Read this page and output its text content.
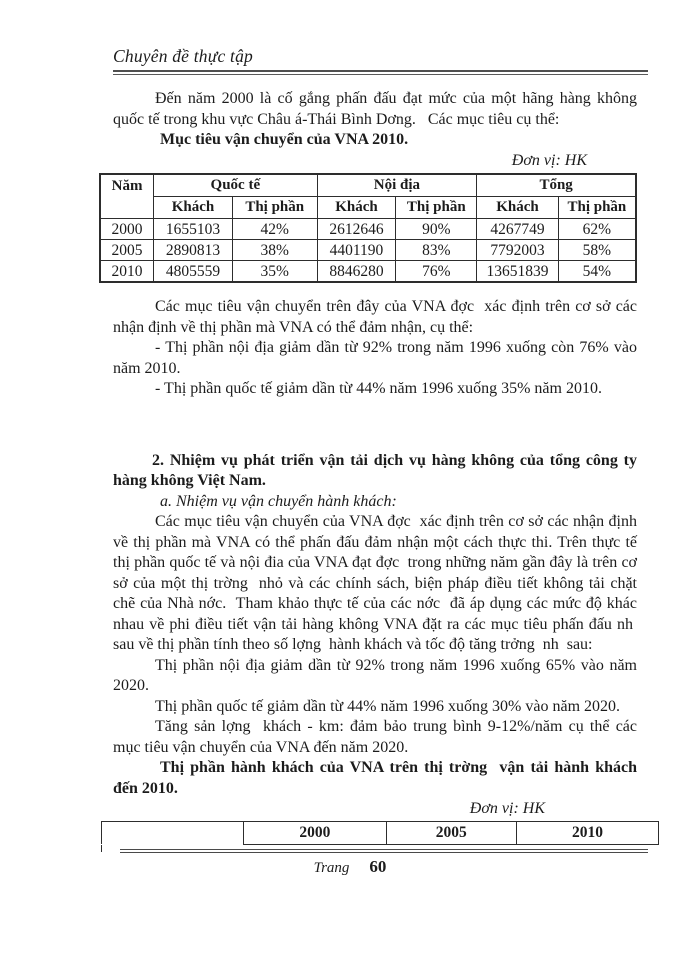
Chuyên đề thực tập

Đến năm 2000 là cố gắng phấn đấu đạt mức của một hãng hàng không quốc tế trong khu vực Châu á-Thái Bình Dơng.   Các mục tiêu cụ thể:

Mục tiêu vận chuyển của VNA 2010.

Đơn vị: HK

Năm	Quốc tế		Nội địa		Tổng	
	Khách	Thị phần	Khách	Thị phần	Khách	Thị phần
2000	1655103	42%	2612646	90%	4267749	62%
2005	2890813	38%	4401190	83%	7792003	58%
2010	4805559	35%	8846280	76%	13651839	54%

Các mục tiêu vận chuyển trên đây của VNA đợc  xác định trên cơ sở các nhận định về thị phần mà VNA có thể đảm nhận, cụ thể:

- Thị phần nội địa giảm dần từ 92% trong năm 1996 xuống còn 76% vào năm 2010.

- Thị phần quốc tế giảm dần từ 44% năm 1996 xuống 35% năm 2010.

2. Nhiệm vụ phát triển vận tải dịch vụ hàng không của tổng công ty hàng không Việt Nam.

a. Nhiệm vụ vận chuyển hành khách:

Các mục tiêu vận chuyển của VNA đợc  xác định trên cơ sở các nhận định về thị phần mà VNA có thể phấn đấu đảm nhận một cách thực thi. Trên thực tế thị phần quốc tế và nội đia của VNA đạt đợc  trong những năm gần đây là trên cơ sở của một thị trờng  nhỏ và các chính sách, biện pháp điều tiết không tải chặt chẽ của Nhà nớc.  Tham khảo thực tế của các nớc  đã áp dụng các mức độ khác nhau về phi điều tiết vận tải hàng không VNA đặt ra các mục tiêu phấn đấu nh  sau về thị phần tính theo số lợng  hành khách và tốc độ tăng trởng  nh  sau:

Thị phần nội địa giảm dần từ 92% trong năm 1996 xuống 65% vào năm 2020.

Thị phần quốc tế giảm dần từ 44% năm 1996 xuống 30% vào năm 2020.

Tăng sản lợng  khách - km: đảm bảo trung bình 9-12%/năm cụ thể các mục tiêu vận chuyển của VNA đến năm 2020.

Thị phần hành khách của VNA trên thị trờng  vận tải hành khách đến 2010.

Đơn vị: HK

	2000	2005	2010
Trang 60
